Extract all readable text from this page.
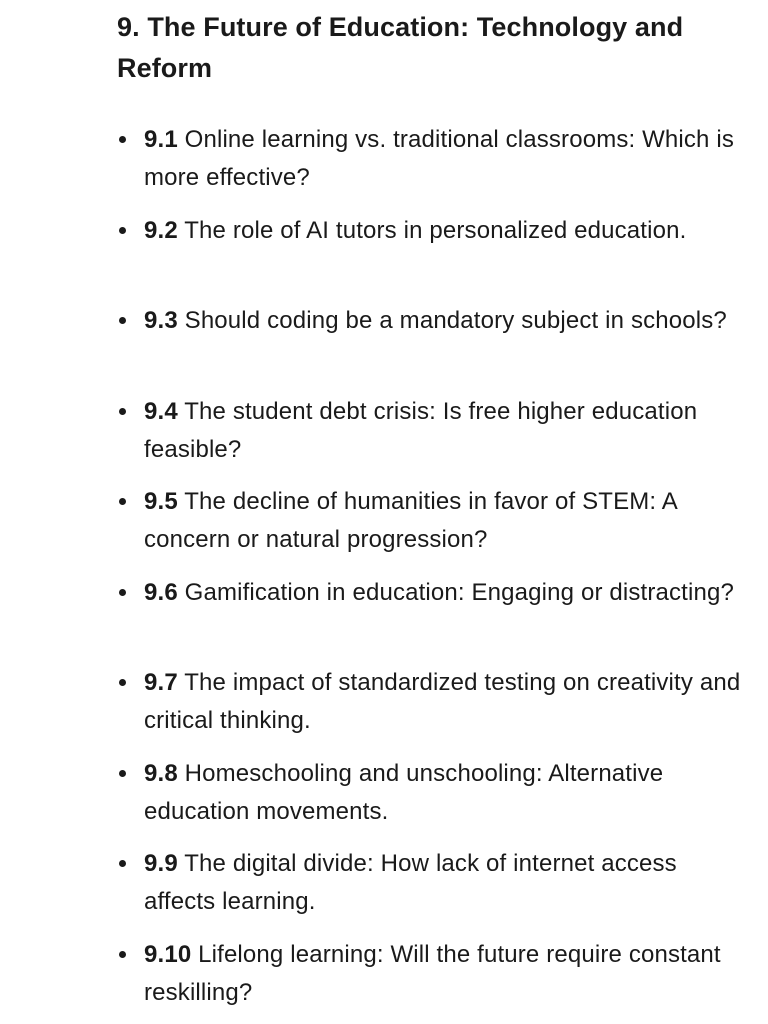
9. The Future of Education: Technology and Reform
9.1 Online learning vs. traditional classrooms: Which is more effective?
9.2 The role of AI tutors in personalized education.
9.3 Should coding be a mandatory subject in schools?
9.4 The student debt crisis: Is free higher education feasible?
9.5 The decline of humanities in favor of STEM: A concern or natural progression?
9.6 Gamification in education: Engaging or distracting?
9.7 The impact of standardized testing on creativity and critical thinking.
9.8 Homeschooling and unschooling: Alternative education movements.
9.9 The digital divide: How lack of internet access affects learning.
9.10 Lifelong learning: Will the future require constant reskilling?
